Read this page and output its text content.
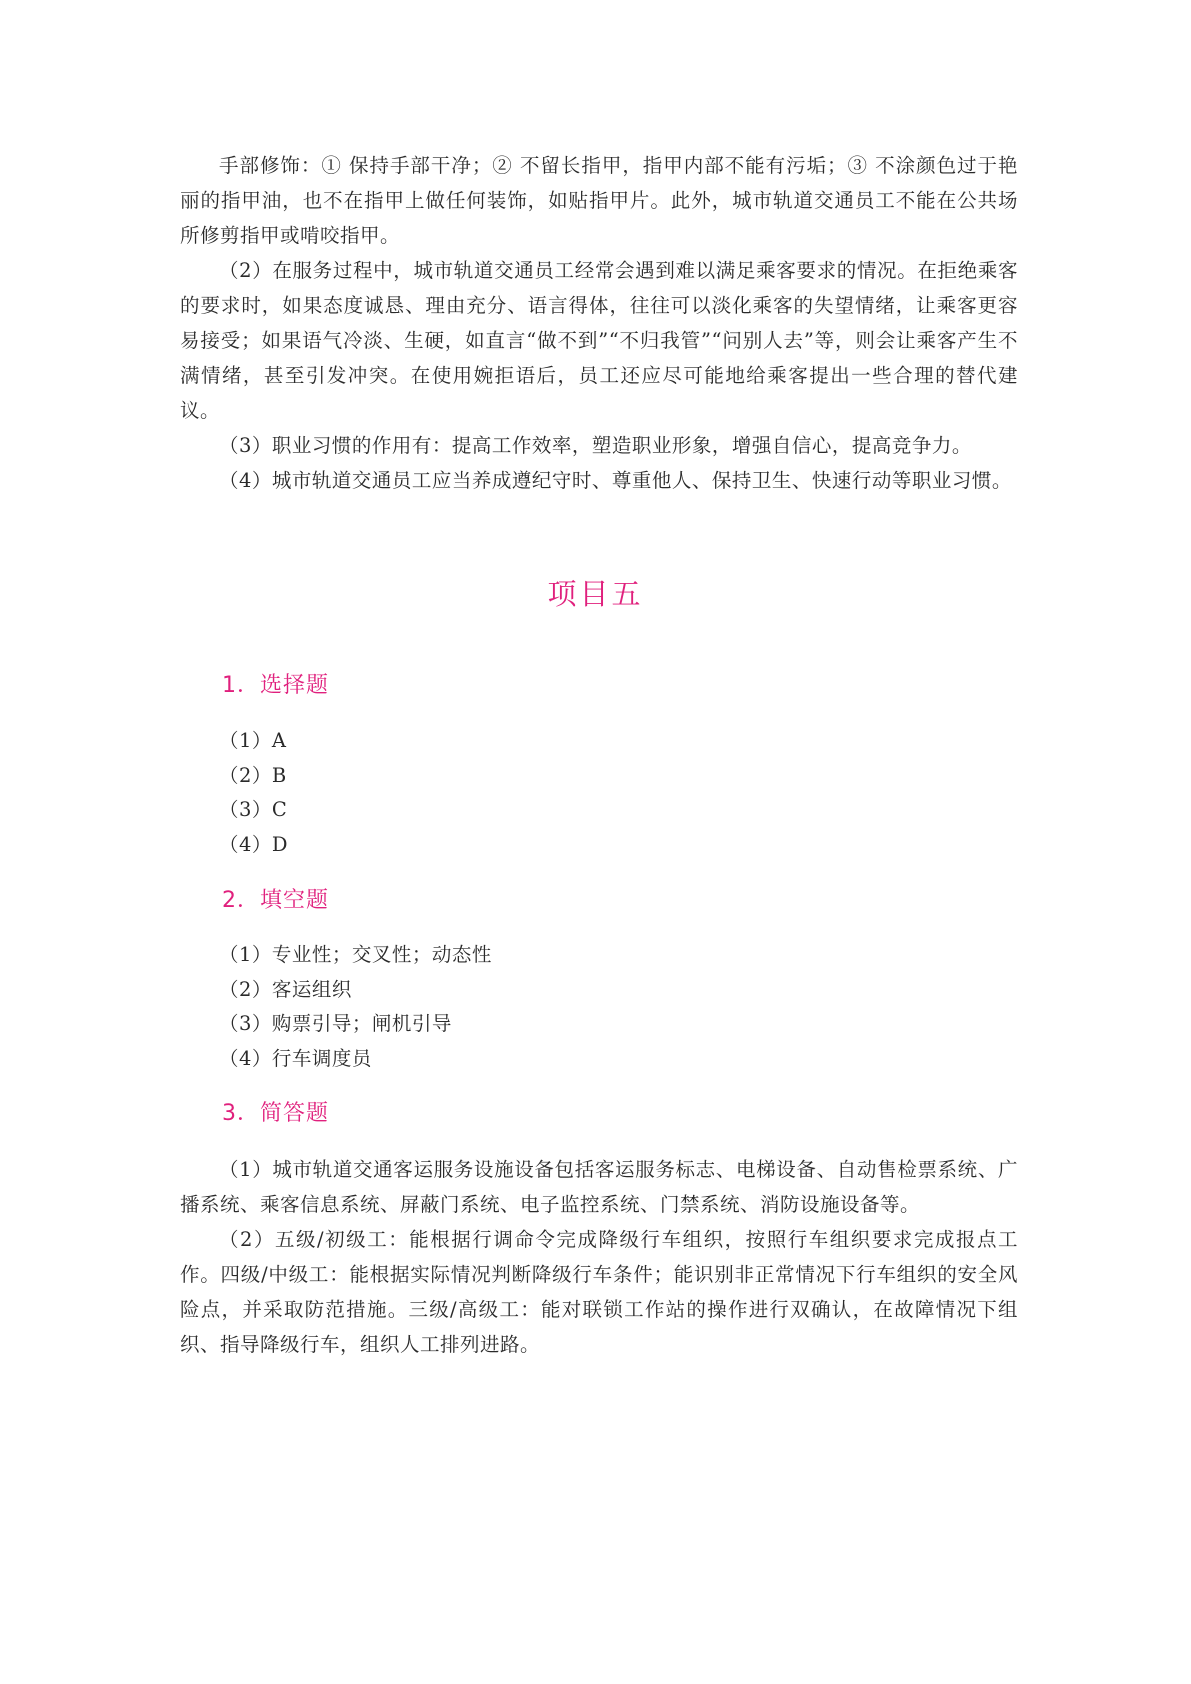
手部修饰：① 保持手部干净；② 不留长指甲，指甲内部不能有污垢；③ 不涂颜色过于艳丽的指甲油，也不在指甲上做任何装饰，如贴指甲片。此外，城市轨道交通员工不能在公共场所修剪指甲或啃咬指甲。

（2）在服务过程中，城市轨道交通员工经常会遇到难以满足乘客要求的情况。在拒绝乘客的要求时，如果态度诚恳、理由充分、语言得体，往往可以淡化乘客的失望情绪，让乘客更容易接受；如果语气冷淡、生硬，如直言“做不到”“不归我管”“问别人去”等，则会让乘客产生不满情绪，甚至引发冲突。在使用婉拒语后，员工还应尽可能地给乘客提出一些合理的替代建议。

（3）职业习惯的作用有：提高工作效率，塑造职业形象，增强自信心，提高竞争力。

（4）城市轨道交通员工应当养成遵纪守时、尊重他人、保持卫生、快速行动等职业习惯。

项目五
1．选择题
（1）A
（2）B
（3）C
（4）D
2．填空题
（1）专业性；交叉性；动态性
（2）客运组织
（3）购票引导；闸机引导
（4）行车调度员
3．简答题

（1）城市轨道交通客运服务设施设备包括客运服务标志、电梯设备、自动售检票系统、广播系统、乘客信息系统、屏蔽门系统、电子监控系统、门禁系统、消防设施设备等。

（2）五级/初级工：能根据行调命令完成降级行车组织，按照行车组织要求完成报点工作。四级/中级工：能根据实际情况判断降级行车条件；能识别非正常情况下行车组织的安全风险点，并采取防范措施。三级/高级工：能对联锁工作站的操作进行双确认，在故障情况下组织、指导降级行车，组织人工排列进路。
